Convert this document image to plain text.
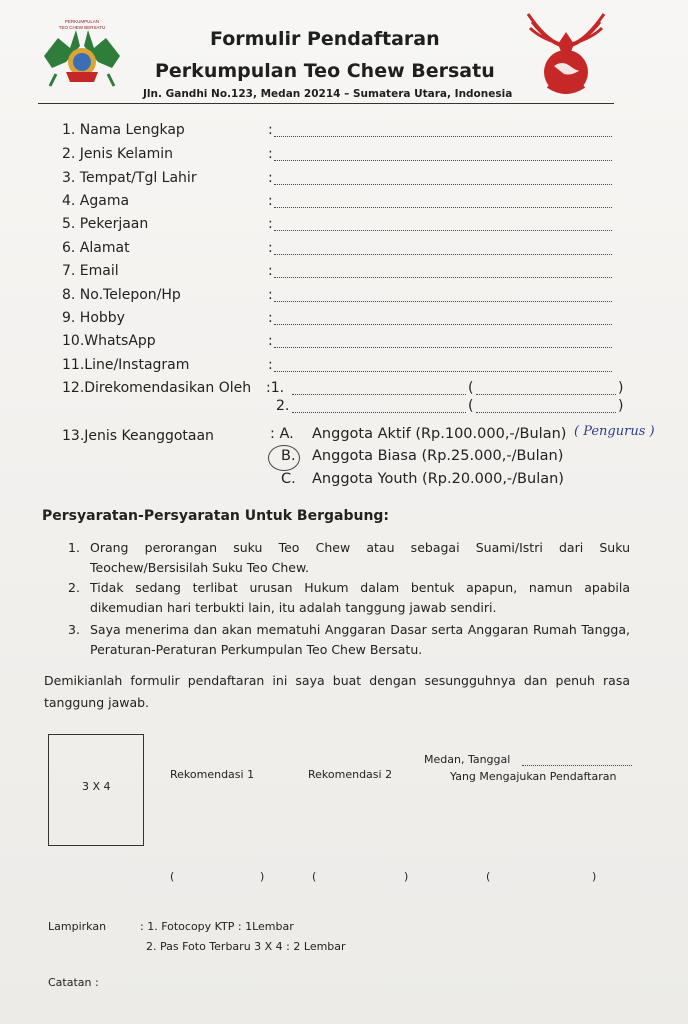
PERKUMPULAN
TEO CHEW BERSATU
Formulir Pendaftaran
Perkumpulan Teo Chew Bersatu
Jln. Gandhi No.123, Medan 20214 – Sumatera Utara, Indonesia
1. Nama Lengkap	:
2. Jenis Kelamin	:
3. Tempat/Tgl Lahir	:
4. Agama	:
5. Pekerjaan	:
6. Alamat	:
7. Email	:
8. No.Telepon/Hp	:
9. Hobby	:
10.WhatsApp	:
11.Line/Instagram	:
12.Direkomendasikan Oleh :1.	(	)
2.	(	)
13.Jenis Keanggotaan	: A. Anggota Aktif (Rp.100.000,-/Bulan) ( Pengurus )
B. Anggota Biasa (Rp.25.000,-/Bulan)
C. Anggota Youth (Rp.20.000,-/Bulan)
Persyaratan-Persyaratan Untuk Bergabung:
1. Orang perorangan suku Teo Chew atau sebagai Suami/Istri dari Suku Teochew/Bersisilah Suku Teo Chew.
2. Tidak sedang terlibat urusan Hukum dalam bentuk apapun, namun apabila dikemudian hari terbukti lain, itu adalah tanggung jawab sendiri.
3. Saya menerima dan akan mematuhi Anggaran Dasar serta Anggaran Rumah Tangga, Peraturan-Peraturan Perkumpulan Teo Chew Bersatu.
Demikianlah formulir pendaftaran ini saya buat dengan sesungguhnya dan penuh rasa tanggung jawab.
3 X 4
Rekomendasi 1	Rekomendasi 2
Medan, Tanggal
Yang Mengajukan Pendaftaran
(	)	(	)	(	)
Lampirkan	: 1. Fotocopy KTP : 1Lembar
2. Pas Foto Terbaru 3 X 4 : 2 Lembar
Catatan :
